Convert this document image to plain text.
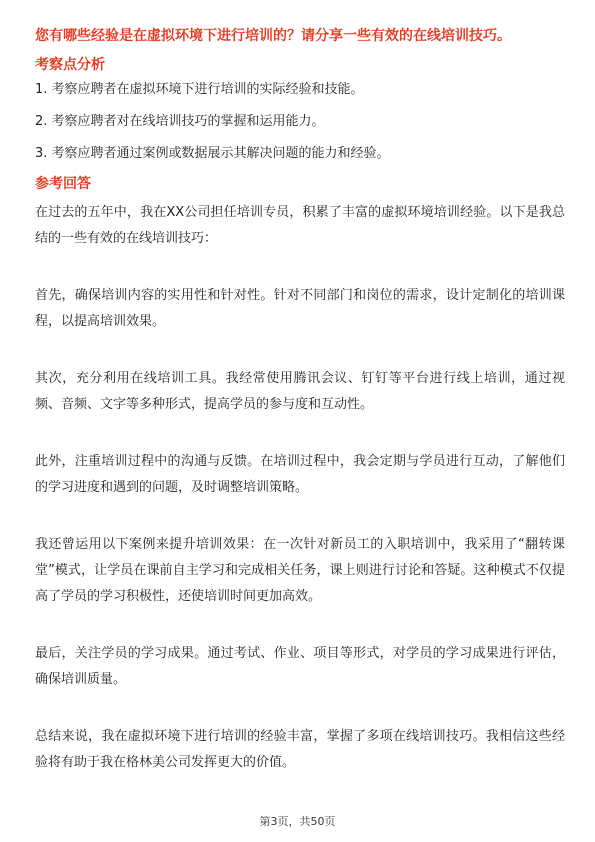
您有哪些经验是在虚拟环境下进行培训的？请分享一些有效的在线培训技巧。
考察点分析
1. 考察应聘者在虚拟环境下进行培训的实际经验和技能。
2. 考察应聘者对在线培训技巧的掌握和运用能力。
3. 考察应聘者通过案例或数据展示其解决问题的能力和经验。
参考回答

在过去的五年中，我在XX公司担任培训专员，积累了丰富的虚拟环境培训经验。以下是我总结的一些有效的在线培训技巧：

首先，确保培训内容的实用性和针对性。针对不同部门和岗位的需求，设计定制化的培训课程，以提高培训效果。

其次，充分利用在线培训工具。我经常使用腾讯会议、钉钉等平台进行线上培训，通过视频、音频、文字等多种形式，提高学员的参与度和互动性。

此外，注重培训过程中的沟通与反馈。在培训过程中，我会定期与学员进行互动，了解他们的学习进度和遇到的问题，及时调整培训策略。

我还曾运用以下案例来提升培训效果：在一次针对新员工的入职培训中，我采用了“翻转课堂”模式，让学员在课前自主学习和完成相关任务，课上则进行讨论和答疑。这种模式不仅提高了学员的学习积极性，还使培训时间更加高效。

最后，关注学员的学习成果。通过考试、作业、项目等形式，对学员的学习成果进行评估，确保培训质量。

总结来说，我在虚拟环境下进行培训的经验丰富，掌握了多项在线培训技巧。我相信这些经验将有助于我在格林美公司发挥更大的价值。

第3页，共50页
